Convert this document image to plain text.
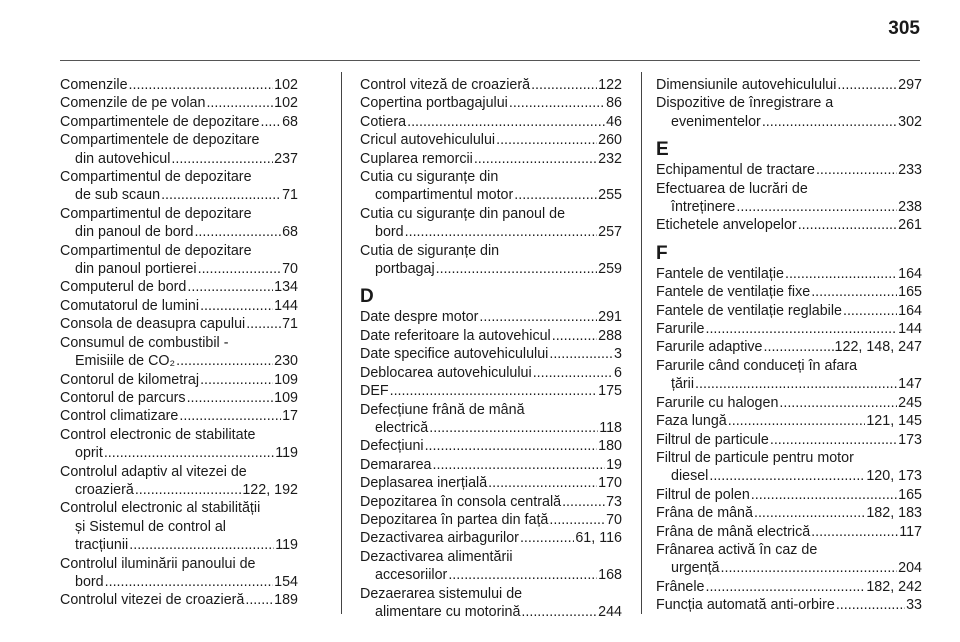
305
Comenzile .....	102
Comenzile de pe volan .....	102
Compartimentele de depozitare ..... 68
Compartimentele de depozitare
din autovehicul .....	237
Compartimentul de depozitare
de sub scaun .....	71
Compartimentul de depozitare
din panoul de bord .....	68
Compartimentul de depozitare
din panoul portierei .....	70
Computerul de bord .....	134
Comutatorul de lumini .....	144
Consola de deasupra capului .....	71
Consumul de combustibil -
Emisiile de CO₂ .....	230
Contorul de kilometraj .....	109
Contorul de parcurs .....	109
Control climatizare .....	17
Control electronic de stabilitate
oprit .....	119
Controlul adaptiv al vitezei de
croazieră .....	122, 192
Controlul electronic al stabilității
și Sistemul de control al
tracțiunii .....	119
Controlul iluminării panoului de
bord .....	154
Controlul vitezei de croazieră ..... 189
Control viteză de croazieră .....	122
Copertina portbagajului .....	86
Cotiera .....	46
Cricul autovehiculului .....	260
Cuplarea remorcii .....	232
Cutia cu siguranțe din
compartimentul motor .....	255
Cutia cu siguranțe din panoul de
bord .....	257
Cutia de siguranțe din
portbagaj .....	259
D
Date despre motor .....	291
Date referitoare la autovehicul .....	288
Date specifice autovehiculului .....	3
Deblocarea autovehiculului .....	6
DEF .....	175
Defecțiune frână de mână
electrică .....	118
Defecțiuni .....	180
Demararea .....	19
Deplasarea inerțială .....	170
Depozitarea în consola centrală .....	73
Depozitarea în partea din față .....	70
Dezactivarea airbagurilor .....	61, 116
Dezactivarea alimentării
accesoriilor .....	168
Dezaerarea sistemului de
alimentare cu motorină .....	244
Dimensiunile autovehiculului .....	297
Dispozitive de înregistrare a
evenimentelor .....	302
E
Echipamentul de tractare .....	233
Efectuarea de lucrări de
întreținere .....	238
Etichetele anvelopelor .....	261
F
Fantele de ventilație .....	164
Fantele de ventilație fixe .....	165
Fantele de ventilație reglabile .....	164
Farurile .....	144
Farurile adaptive .....	122, 148, 247
Farurile când conduceți în afara
țării .....	147
Farurile cu halogen .....	245
Faza lungă .....	121, 145
Filtrul de particule .....	173
Filtrul de particule pentru motor
diesel .....	120, 173
Filtrul de polen .....	165
Frâna de mână .....	182, 183
Frâna de mână electrică .....	117
Frânarea activă în caz de
urgență .....	204
Frânele .....	182, 242
Funcția automată anti-orbire .....	33
